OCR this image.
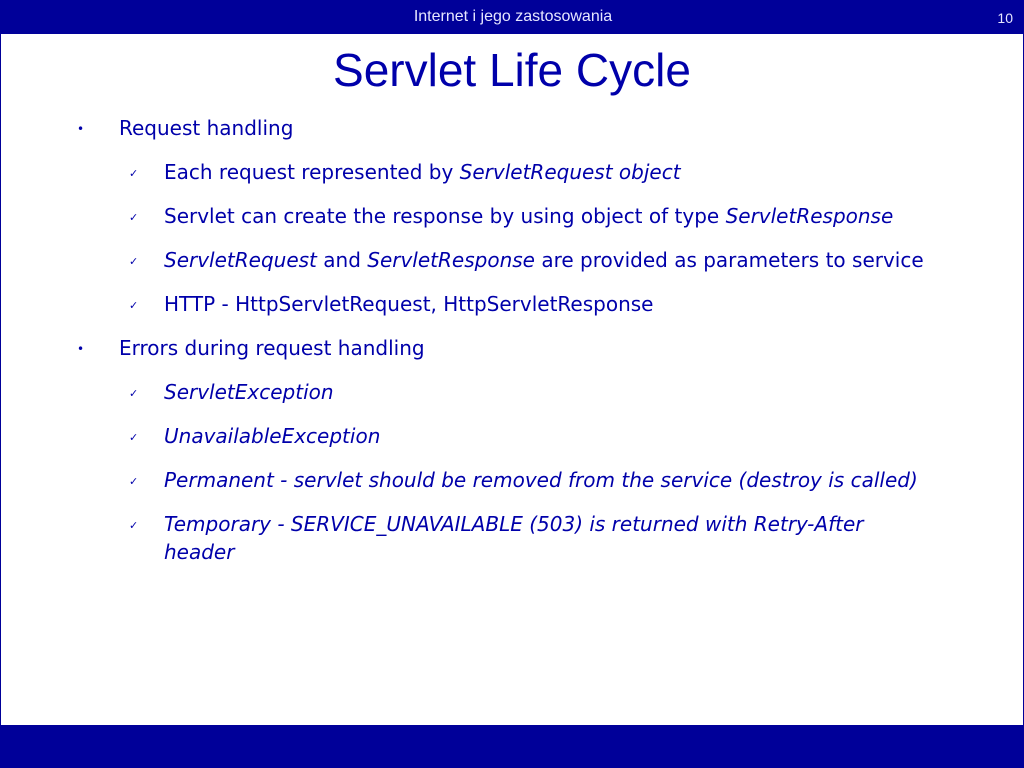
Internet i jego zastosowania	10
Servlet Life Cycle
• Request handling
✓ Each request represented by ServletRequest object
✓ Servlet can create the response by using object of type ServletResponse
✓ ServletRequest and ServletResponse are provided as parameters to service
✓ HTTP - HttpServletRequest, HttpServletResponse
• Errors during request handling
✓ ServletException
✓ UnavailableException
✓ Permanent - servlet should be removed from the service (destroy is called)
✓ Temporary - SERVICE_UNAVAILABLE (503) is returned with Retry-After header
